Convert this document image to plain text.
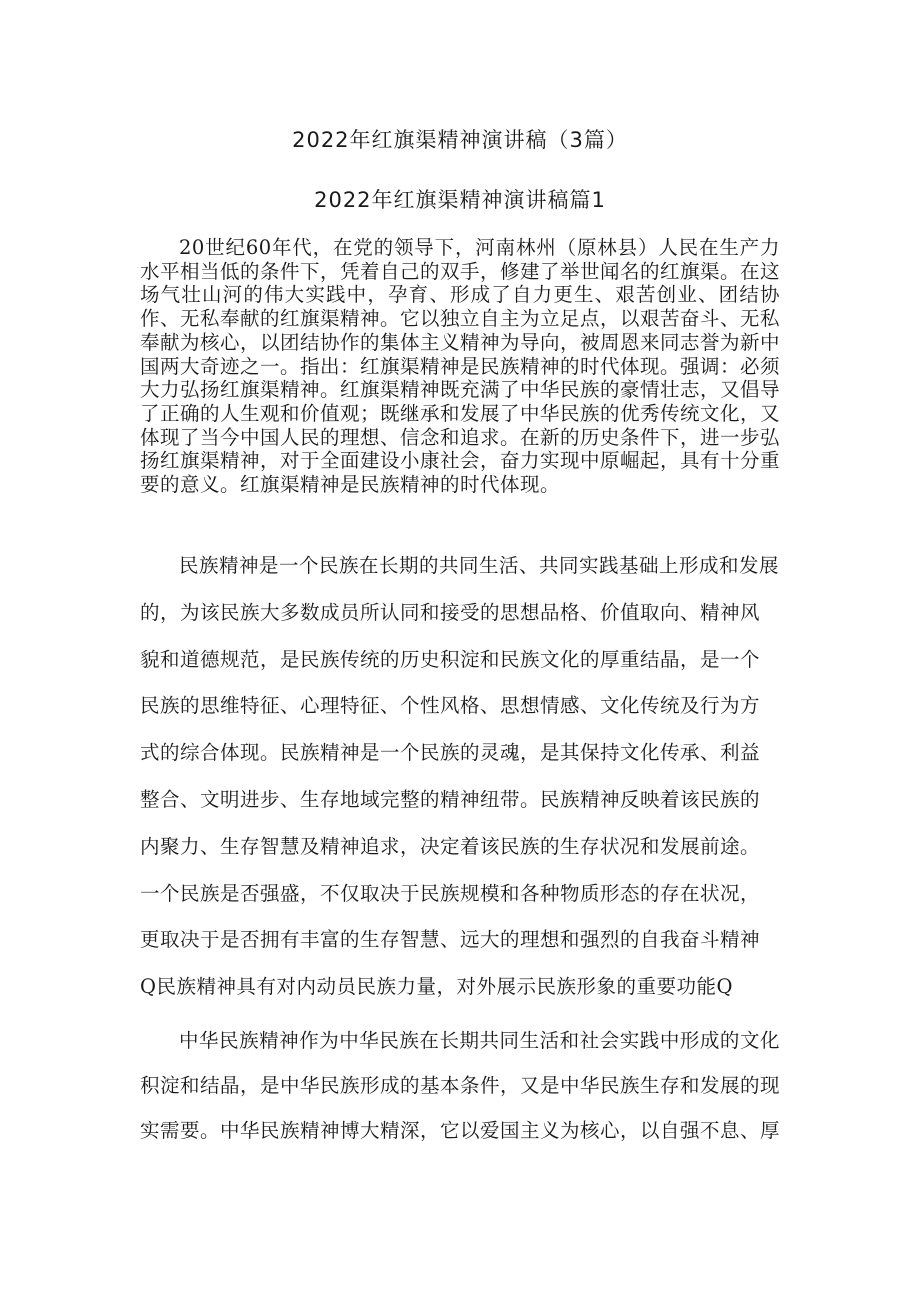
2022年红旗渠精神演讲稿（3篇）
2022年红旗渠精神演讲稿篇1

20世纪60年代，在党的领导下，河南林州（原林县）人民在生产力水平相当低的条件下，凭着自己的双手，修建了举世闻名的红旗渠。在这场气壮山河的伟大实践中，孕育、形成了自力更生、艰苦创业、团结协作、无私奉献的红旗渠精神。它以独立自主为立足点，以艰苦奋斗、无私奉献为核心，以团结协作的集体主义精神为导向，被周恩来同志誉为新中国两大奇迹之一。指出：红旗渠精神是民族精神的时代体现。强调：必须大力弘扬红旗渠精神。红旗渠精神既充满了中华民族的豪情壮志，又倡导了正确的人生观和价值观；既继承和发展了中华民族的优秀传统文化，又体现了当今中国人民的理想、信念和追求。在新的历史条件下，进一步弘扬红旗渠精神，对于全面建设小康社会，奋力实现中原崛起，具有十分重要的意义。红旗渠精神是民族精神的时代体现。

民族精神是一个民族在长期的共同生活、共同实践基础上形成和发展
的，为该民族大多数成员所认同和接受的思想品格、价值取向、精神风
貌和道德规范，是民族传统的历史积淀和民族文化的厚重结晶，是一个
民族的思维特征、心理特征、个性风格、思想情感、文化传统及行为方
式的综合体现。民族精神是一个民族的灵魂，是其保持文化传承、利益
整合、文明进步、生存地域完整的精神纽带。民族精神反映着该民族的
内聚力、生存智慧及精神追求，决定着该民族的生存状况和发展前途。
一个民族是否强盛，不仅取决于民族规模和各种物质形态的存在状况，
更取决于是否拥有丰富的生存智慧、远大的理想和强烈的自我奋斗精神
Q民族精神具有对内动员民族力量，对外展示民族形象的重要功能Q

中华民族精神作为中华民族在长期共同生活和社会实践中形成的文化积淀和结晶，是中华民族形成的基本条件，又是中华民族生存和发展的现实需要。中华民族精神博大精深，它以爱国主义为核心，以自强不息、厚
